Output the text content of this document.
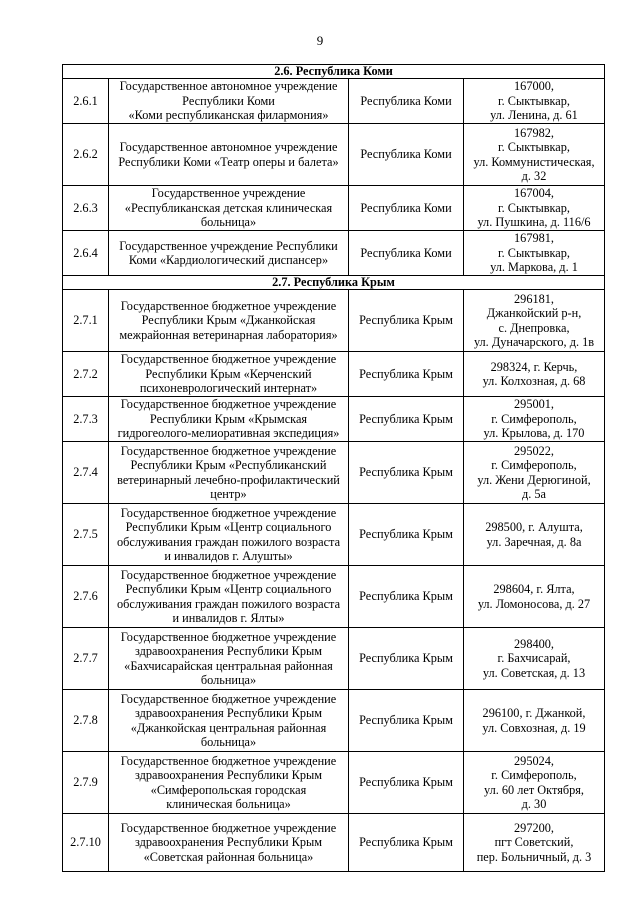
9
2.6. Республика Коми			
2.6.1	Государственное автономное учреждение
Республики Коми
«Коми республиканская филармония»	Республика Коми	167000,
г. Сыктывкар,
ул. Ленина, д. 61

2.6.2	Государственное автономное учреждение
Республики Коми «Театр оперы и балета»	Республика Коми	167982,
г. Сыктывкар,
ул. Коммунистическая,
д. 32

2.6.3	Государственное учреждение
«Республиканская детская клиническая
больница»	Республика Коми	167004,
г. Сыктывкар,
ул. Пушкина, д. 116/6

2.6.4	Государственное учреждение Республики
Коми «Кардиологический диспансер»	Республика Коми	167981,
г. Сыктывкар,
ул. Маркова, д. 1

2.7. Республика Крым			
2.7.1	Государственное бюджетное учреждение
Республики Крым «Джанкойская
межрайонная ветеринарная лаборатория»	Республика Крым	296181,
Джанкойский р-н,
с. Днепровка,
ул. Дуначарского, д. 1в

2.7.2	Государственное бюджетное учреждение
Республики Крым «Керченский
психоневрологический интернат»	Республика Крым	298324, г. Керчь,
ул. Колхозная, д. 68

2.7.3	Государственное бюджетное учреждение
Республики Крым «Крымская
гидрогеолого-мелиоративная экспедиция»	Республика Крым	295001,
г. Симферополь,
ул. Крылова, д. 170

2.7.4	Государственное бюджетное учреждение
Республики Крым «Республиканский
ветеринарный лечебно-профилактический
центр»	Республика Крым	295022,
г. Симферополь,
ул. Жени Дерюгиной,
д. 5а

2.7.5	Государственное бюджетное учреждение
Республики Крым «Центр социального
обслуживания граждан пожилого возраста
и инвалидов г. Алушты»	Республика Крым	298500, г. Алушта,
ул. Заречная, д. 8а

2.7.6	Государственное бюджетное учреждение
Республики Крым «Центр социального
обслуживания граждан пожилого возраста
и инвалидов г. Ялты»	Республика Крым	298604, г. Ялта,
ул. Ломоносова, д. 27

2.7.7	Государственное бюджетное учреждение
здравоохранения Республики Крым
«Бахчисарайская центральная районная
больница»	Республика Крым	298400,
г. Бахчисарай,
ул. Советская, д. 13

2.7.8	Государственное бюджетное учреждение
здравоохранения Республики Крым
«Джанкойская центральная районная
больница»	Республика Крым	296100, г. Джанкой,
ул. Совхозная, д. 19

2.7.9	Государственное бюджетное учреждение
здравоохранения Республики Крым
«Симферопольская городская
клиническая больница»	Республика Крым	295024,
г. Симферополь,
ул. 60 лет Октября,
д. 30

2.7.10	Государственное бюджетное учреждение
здравоохранения Республики Крым
«Советская районная больница»	Республика Крым	297200,
пгт Советский,
пер. Больничный, д. 3
